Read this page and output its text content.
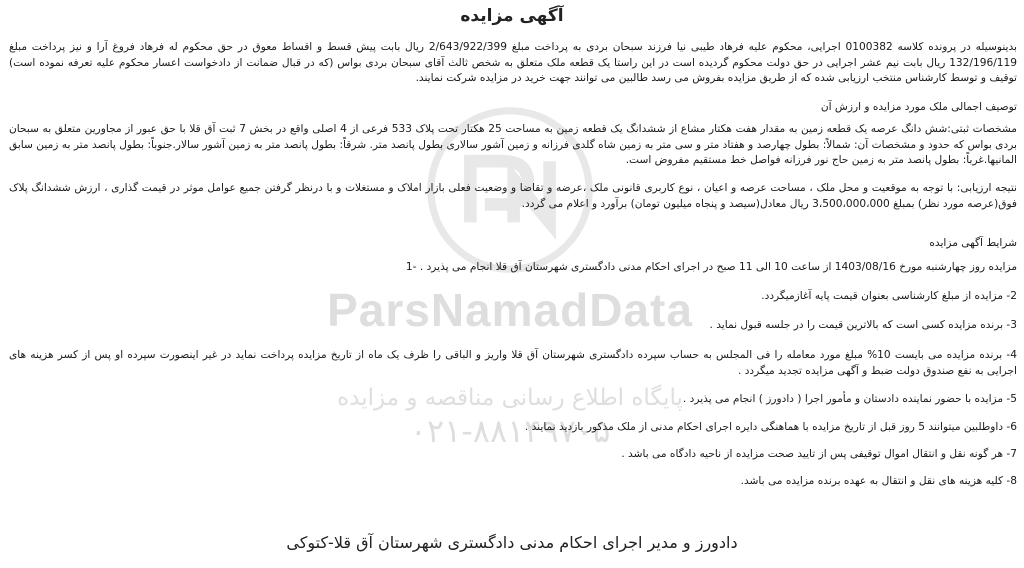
ParsNamadData
پایگاه اطلاع رسانی مناقصه و مزایده
۰۲۱-۸۸۱۴۹۷۰۵
آگهی مزایده

بدینوسیله در پرونده کلاسه 0100382 اجرایی، محکوم علیه فرهاد طیبی نیا فرزند سبحان بردی به پرداخت مبلغ 2/643/922/399 ریال بابت پیش قسط و اقساط معوق در حق محکوم له فرهاد فروغ آرا و نیز پرداخت مبلغ 132/196/119 ریال بابت نیم عشر اجرایی در حق دولت محکوم گردیده است در این راستا یک قطعه ملک متعلق به شخص ثالث آقای سبحان بردی بواس (که در قبال ضمانت از دادخواست اعسار محکوم علیه تعرفه نموده است) توقیف و توسط کارشناس منتخب ارزیابی شده که از طریق مزایده بفروش می رسد طالبین می توانند جهت خرید در مزایده شرکت نمایند.

توصیف اجمالی ملک مورد مزایده و ارزش آن

مشخصات ثبتی:شش دانگ عرصه یک قطعه زمین به مقدار هفت هکتار مشاع از ششدانگ یک قطعه زمین به مساحت 25 هکتار تحت پلاک 533 فرعی از 4 اصلی واقع در بخش 7 ثبت آق قلا با حق عبور از مجاورین متعلق به سبحان بردی بواس که حدود و مشخصات آن: شمالاً: بطول چهارصد و هفتاد متر و سی متر به زمین شاه گلدی فرزانه و زمین آشور سالاری بطول پانصد متر. شرقاً: بطول پانصد متر به زمین آشور سالار.جنوباً: بطول پانصد متر به زمین سابق المانیها.غرباً: بطول پانصد متر به زمین حاج نور فرزانه فواصل خط مستقیم مفروض است.

نتیجه ارزیابی: با توجه به موقعیت و محل ملک ، مساحت عرصه و اعیان ، نوع کاربری قانونی ملک ،عرضه و تقاضا و وضعیت فعلی بازار املاک و مستغلات و با درنظر گرفتن جمیع عوامل موثر در قیمت گذاری ، ارزش ششدانگ پلاک فوق(عرصه مورد نظر) بمبلغ 3،500،000،000 ریال معادل(سیصد و پنجاه میلیون تومان) برآورد و اعلام می گردد.

شرایط آگهی مزایده

مزایده روز چهارشنبه مورخ 1403/08/16 از ساعت 10 الی 11 صبح در اجرای احکام مدنی دادگستری شهرستان آق قلا انجام می پذیرد . -1

2- مزایده از مبلغ کارشناسی بعنوان قیمت پایه آغازمیگردد.

3- برنده مزایده کسی است که بالاترین قیمت را در جلسه قبول نماید .

4- برنده مزایده می بایست 10% مبلغ مورد معامله را فی المجلس به حساب سپرده دادگستری شهرستان آق قلا واریز و الباقی را ظرف یک ماه از تاریخ مزایده پرداخت نماید در غیر اینصورت سپرده او پس از کسر هزینه های اجرایی به نفع صندوق دولت ضبط و آگهی مزایده تجدید میگردد .

5- مزایده با حضور نماینده دادستان و مأمور اجرا ( دادورز ) انجام می پذیرد .

6- داوطلبین میتوانند 5 روز قبل از تاریخ مزایده با هماهنگی دایره اجرای احکام مدنی از ملک مذکور بازدید نمایند .

7- هر گونه نقل و انتقال اموال توقیفی پس از تایید صحت مزایده از ناحیه دادگاه می باشد .

8- کلیه هزینه های نقل و انتقال به عهده برنده مزایده می باشد.

دادورز و مدیر اجرای احکام مدنی دادگستری شهرستان آق قلا-کتوکی
